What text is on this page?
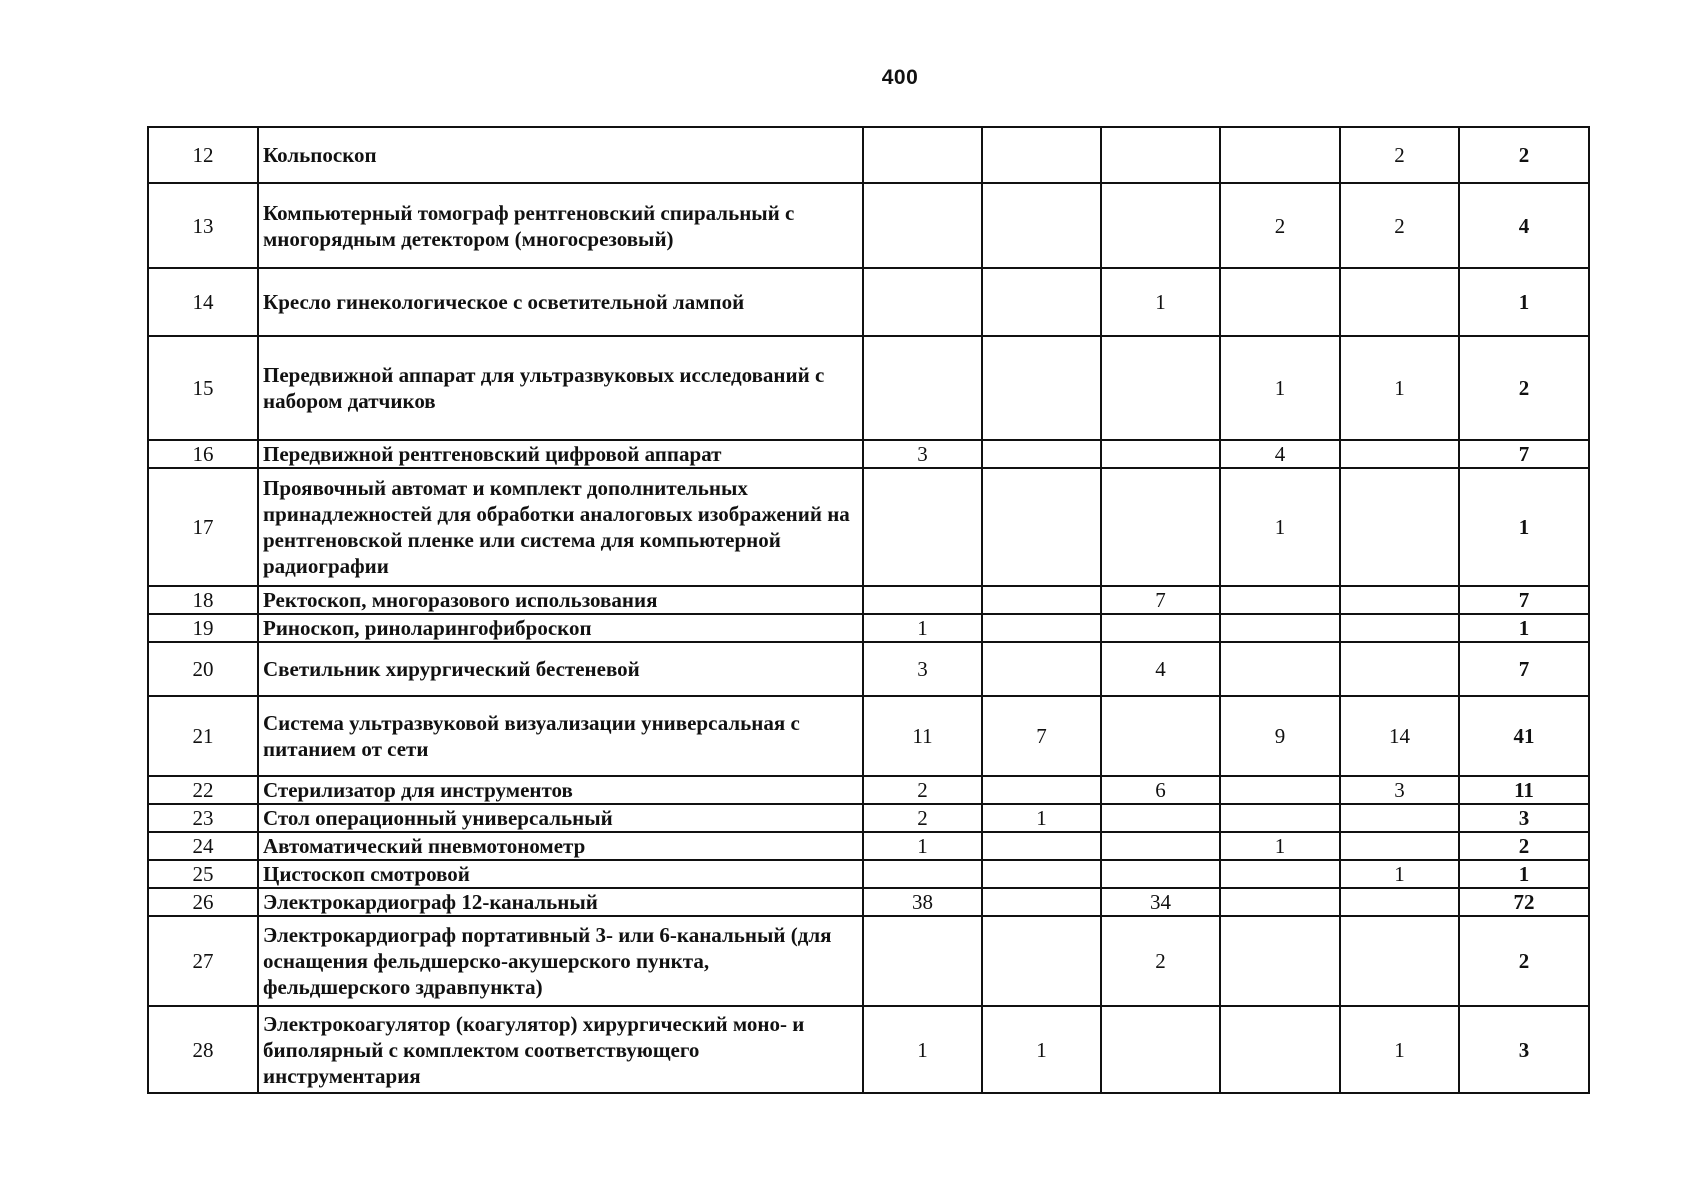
400
12	Кольпоскоп					2	2
13	Компьютерный томограф рентгеновский спиральный с многорядным детектором (многосрезовый)				2	2	4
14	Кресло гинекологическое с осветительной лампой			1			1
15	Передвижной аппарат для ультразвуковых исследований с набором датчиков				1	1	2
16	Передвижной рентгеновский цифровой аппарат	3			4		7
17	Проявочный автомат и комплект дополнительных принадлежностей для обработки аналоговых изображений на рентгеновской пленке или система для компьютерной радиографии				1		1
18	Ректоскоп, многоразового использования			7			7
19	Риноскоп, риноларингофиброскоп	1					1
20	Светильник хирургический бестеневой	3		4			7
21	Система ультразвуковой визуализации универсальная с питанием от сети	11	7		9	14	41
22	Стерилизатор для инструментов	2		6		3	11
23	Стол операционный универсальный	2	1				3
24	Автоматический пневмотонометр	1			1		2
25	Цистоскоп смотровой					1	1
26	Электрокардиограф 12-канальный	38		34			72
27	Электрокардиограф портативный 3- или 6-канальный (для оснащения фельдшерско-акушерского пункта, фельдшерского здравпункта)			2			2
28	Электрокоагулятор (коагулятор) хирургический моно- и биполярный с комплектом соответствующего инструментария	1	1			1	3
